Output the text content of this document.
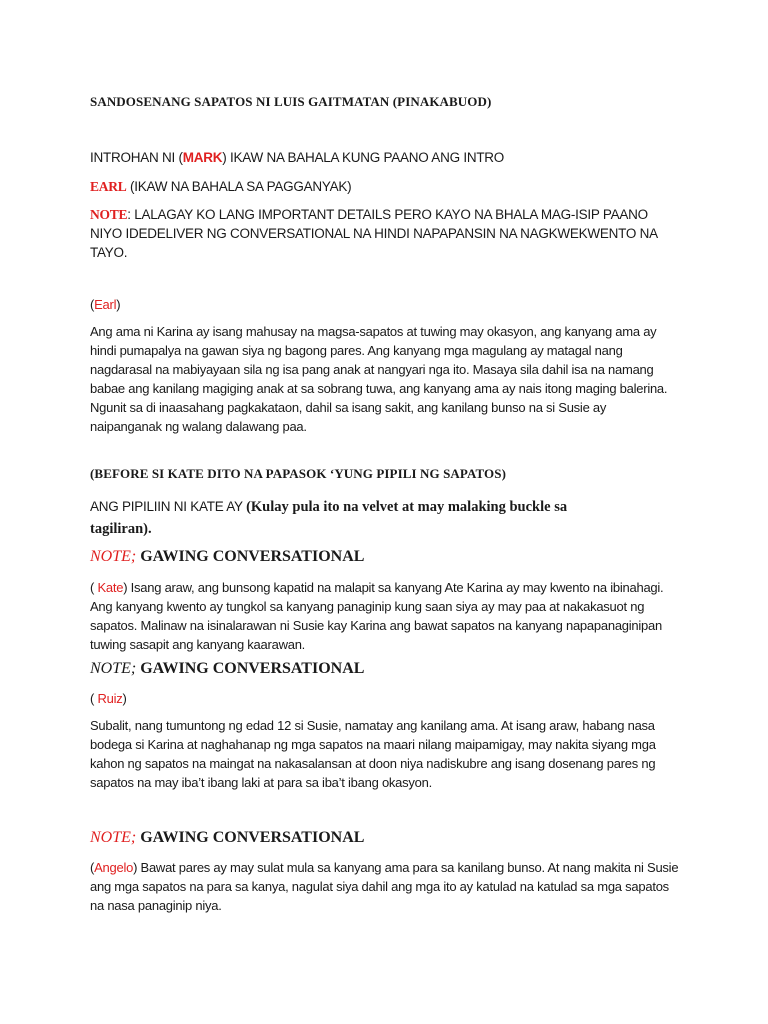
SANDOSENANG SAPATOS NI LUIS GAITMATAN (PINAKABUOD)

INTROHAN NI (MARK) IKAW NA BAHALA KUNG PAANO ANG INTRO

EARL (IKAW NA BAHALA SA PAGGANYAK)

NOTE: LALAGAY KO LANG IMPORTANT DETAILS PERO KAYO NA BHALA MAG-ISIP PAANO NIYO IDEDELIVER NG CONVERSATIONAL NA HINDI NAPAPANSIN NA NAGKWEKWENTO NA TAYO.

(Earl)

Ang ama ni Karina ay isang mahusay na magsa-sapatos at tuwing may okasyon, ang kanyang ama ay hindi pumapalya na gawan siya ng bagong pares. Ang kanyang mga magulang ay matagal nang nagdarasal na mabiyayaan sila ng isa pang anak at nangyari nga ito. Masaya sila dahil isa na namang babae ang kanilang magiging anak at sa sobrang tuwa, ang kanyang ama ay nais itong maging balerina. Ngunit sa di inaasahang pagkakataon, dahil sa isang sakit, ang kanilang bunso na si Susie ay naipanganak ng walang dalawang paa.

(BEFORE SI KATE DITO NA PAPASOK ‘YUNG PIPILI NG SAPATOS)

ANG PIPILIIN NI KATE AY (Kulay pula ito na velvet at may malaking buckle sa
tagiliran).

NOTE; GAWING CONVERSATIONAL

( Kate) Isang araw, ang bunsong kapatid na malapit sa kanyang Ate Karina ay may kwento na ibinahagi. Ang kanyang kwento ay tungkol sa kanyang panaginip kung saan siya ay may paa at nakakasuot ng sapatos. Malinaw na isinalarawan ni Susie kay Karina ang bawat sapatos na kanyang napapanaginipan tuwing sasapit ang kanyang kaarawan.

NOTE; GAWING CONVERSATIONAL

( Ruiz)

Subalit, nang tumuntong ng edad 12 si Susie, namatay ang kanilang ama. At isang araw, habang nasa bodega si Karina at naghahanap ng mga sapatos na maari nilang maipamigay, may nakita siyang mga kahon ng sapatos na maingat na nakasalansan at doon niya nadiskubre ang isang dosenang pares ng sapatos na may iba’t ibang laki at para sa iba’t ibang okasyon.

NOTE; GAWING CONVERSATIONAL

(Angelo) Bawat pares ay may sulat mula sa kanyang ama para sa kanilang bunso. At nang makita ni Susie ang mga sapatos na para sa kanya, nagulat siya dahil ang mga ito ay katulad na katulad sa mga sapatos na nasa panaginip niya.
